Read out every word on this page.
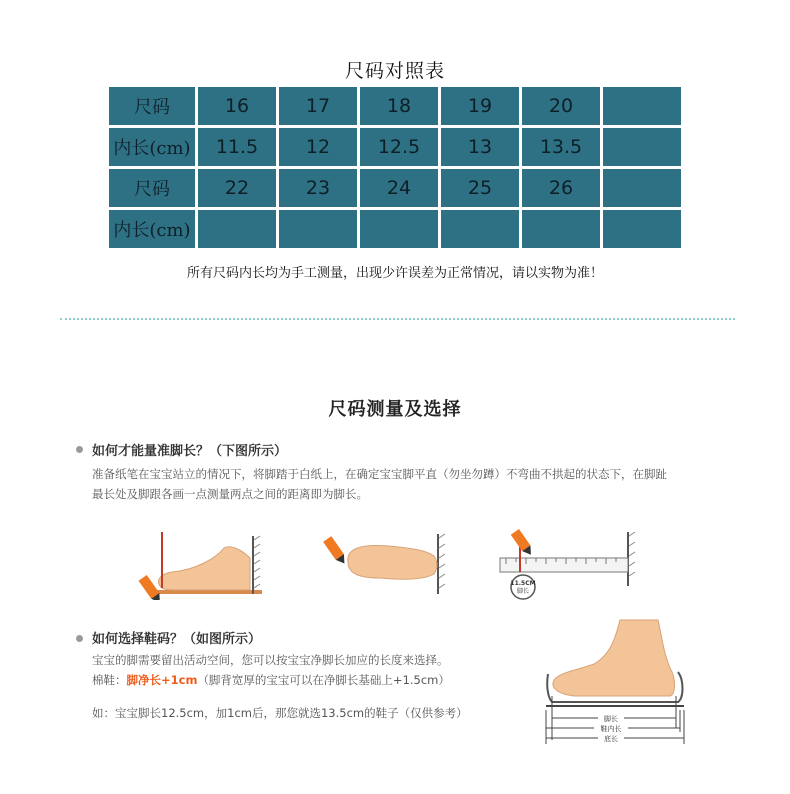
尺码对照表
尺码	16	17	18	19	20	
内长(cm)	11.5	12	12.5	13	13.5	
尺码	22	23	24	25	26	
内长(cm)						
所有尺码内长均为手工测量，出现少许误差为正常情况，请以实物为准！
尺码测量及选择
如何才能量准脚长？（下图所示）
准备纸笔在宝宝站立的情况下，将脚踏于白纸上，在确定宝宝脚平直（勿坐勿蹲）不弯曲不拱起的状态下，在脚趾
最长处及脚跟各画一点测量两点之间的距离即为脚长。
11.5CM
脚长
如何选择鞋码？（如图所示）
宝宝的脚需要留出活动空间，您可以按宝宝净脚长加应的长度来选择。
棉鞋：脚净长+1cm（脚背宽厚的宝宝可以在净脚长基础上+1.5cm）
如：宝宝脚长12.5cm，加1cm后，那您就选13.5cm的鞋子（仅供参考）	脚长
鞋内长
底长
